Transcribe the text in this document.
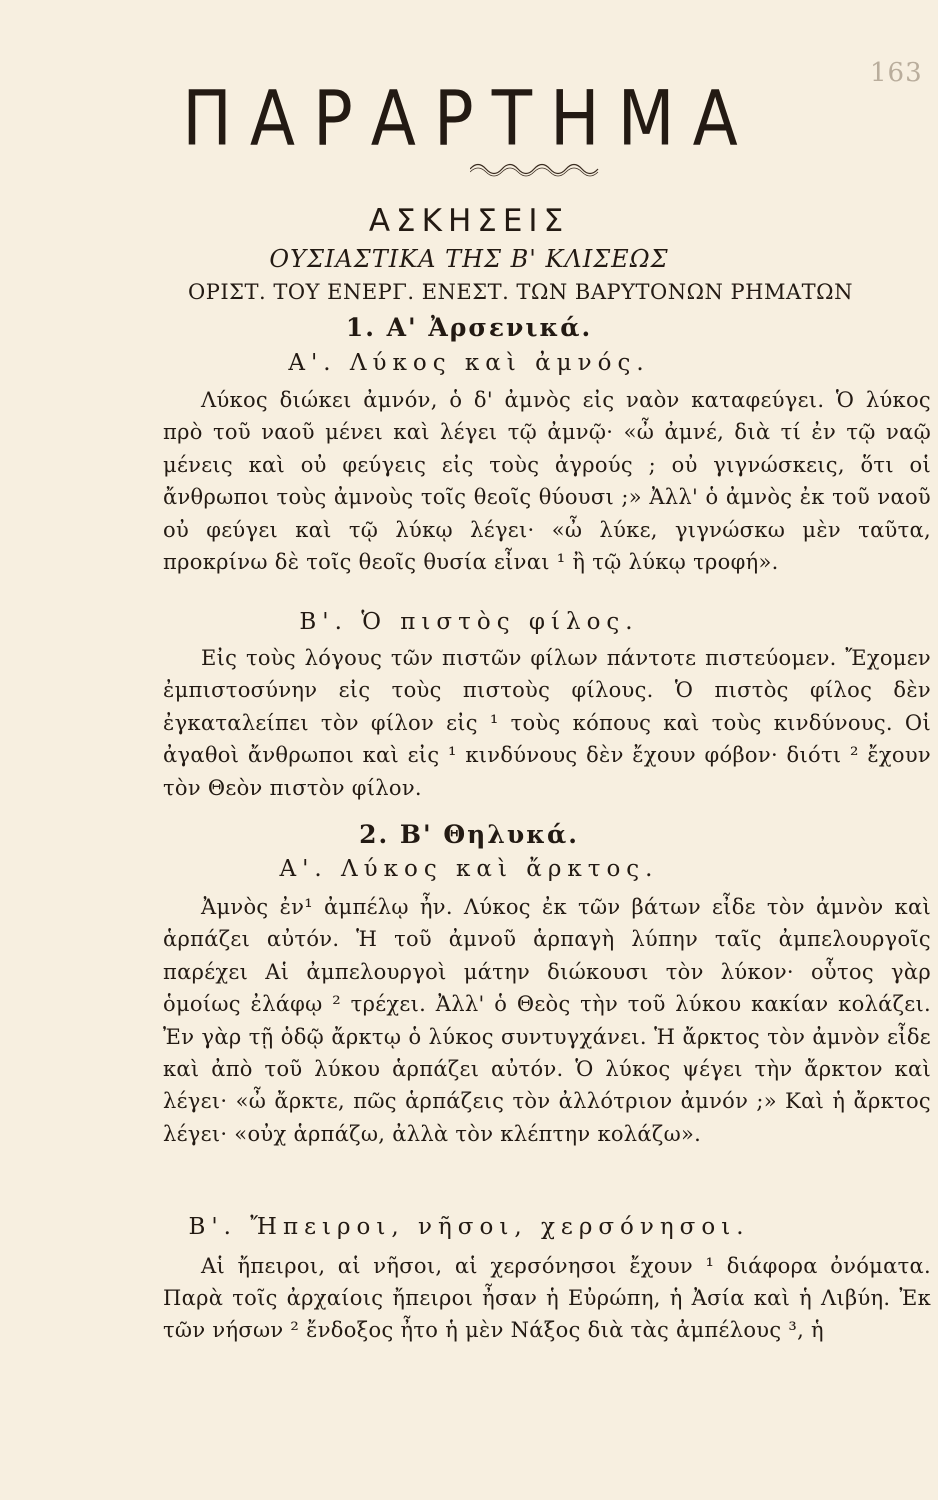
163
ΠΑΡΑΡΤΗΜΑ
ΑΣΚΗΣΕΙΣ
ΟΥΣΙΑΣΤΙΚΑ ΤΗΣ Β' ΚΛΙΣΕΩΣ
ΟΡΙΣΤ. ΤΟΥ ΕΝΕΡΓ. ΕΝΕΣΤ. ΤΩΝ ΒΑΡΥΤΟΝΩΝ ΡΗΜΑΤΩΝ
1. Α' Ἀρσενικά.
Α'. Λύκος καὶ ἀμνός.

Λύκος διώκει ἀμνόν, ὁ δ' ἀμνὸς εἰς ναὸν καταφεύγει. Ὁ λύκος πρὸ τοῦ ναοῦ μένει καὶ λέγει τῷ ἀμνῷ· «ὦ ἀμνέ, διὰ τί ἐν τῷ ναῷ μένεις καὶ οὐ φεύγεις εἰς τοὺς ἀγρούς ; οὐ γιγνώσκεις, ὅτι οἱ ἄνθρωποι τοὺς ἀμνοὺς τοῖς θεοῖς θύουσι ;» Ἀλλ' ὁ ἀμνὸς ἐκ τοῦ ναοῦ οὐ φεύγει καὶ τῷ λύκῳ λέγει· «ὦ λύκε, γιγνώσκω μὲν ταῦτα, προκρίνω δὲ τοῖς θεοῖς θυσία εἶναι ¹ ἢ τῷ λύκῳ τροφή».

Β'. Ὁ πιστὸς φίλος.

Εἰς τοὺς λόγους τῶν πιστῶν φίλων πάντοτε πιστεύομεν. Ἔχομεν ἐμπιστοσύνην εἰς τοὺς πιστοὺς φίλους. Ὁ πιστὸς φίλος δὲν ἐγκαταλείπει τὸν φίλον εἰς ¹ τοὺς κόπους καὶ τοὺς κινδύνους. Οἱ ἀγαθοὶ ἄνθρωποι καὶ εἰς ¹ κινδύνους δὲν ἔχουν φόβον· διότι ² ἔχουν τὸν Θεὸν πιστὸν φίλον.

2. Β' Θηλυκά.
Α'. Λύκος καὶ ἄρκτος.

Ἀμνὸς ἐν¹ ἀμπέλῳ ἦν. Λύκος ἐκ τῶν βάτων εἶδε τὸν ἀμνὸν καὶ ἁρπάζει αὐτόν. Ἡ τοῦ ἀμνοῦ ἁρπαγὴ λύπην ταῖς ἀμπελουργοῖς παρέχει Αἱ ἀμπελουργοὶ μάτην διώκουσι τὸν λύκον· οὗτος γὰρ ὁμοίως ἐλάφῳ ² τρέχει. Ἀλλ' ὁ Θεὸς τὴν τοῦ λύκου κακίαν κολάζει. Ἐν γὰρ τῇ ὁδῷ ἄρκτῳ ὁ λύκος συντυγχάνει. Ἡ ἄρκτος τὸν ἀμνὸν εἶδε καὶ ἀπὸ τοῦ λύκου ἁρπάζει αὐτόν. Ὁ λύκος ψέγει τὴν ἄρκτον καὶ λέγει· «ὦ ἄρκτε, πῶς ἁρπάζεις τὸν ἀλλότριον ἀμνόν ;» Καὶ ἡ ἄρκτος λέγει· «οὐχ ἁρπάζω, ἀλλὰ τὸν κλέπτην κολάζω».

Β'. Ἤπειροι, νῆσοι, χερσόνησοι.

Αἱ ἤπειροι, αἱ νῆσοι, αἱ χερσόνησοι ἔχουν ¹ διάφορα ὀνόματα. Παρὰ τοῖς ἀρχαίοις ἤπειροι ἦσαν ἡ Εὐρώπη, ἡ Ἀσία καὶ ἡ Λιβύη. Ἐκ τῶν νήσων ² ἔνδοξος ἦτο ἡ μὲν Νάξος διὰ τὰς ἀμπέλους ³, ἡ
